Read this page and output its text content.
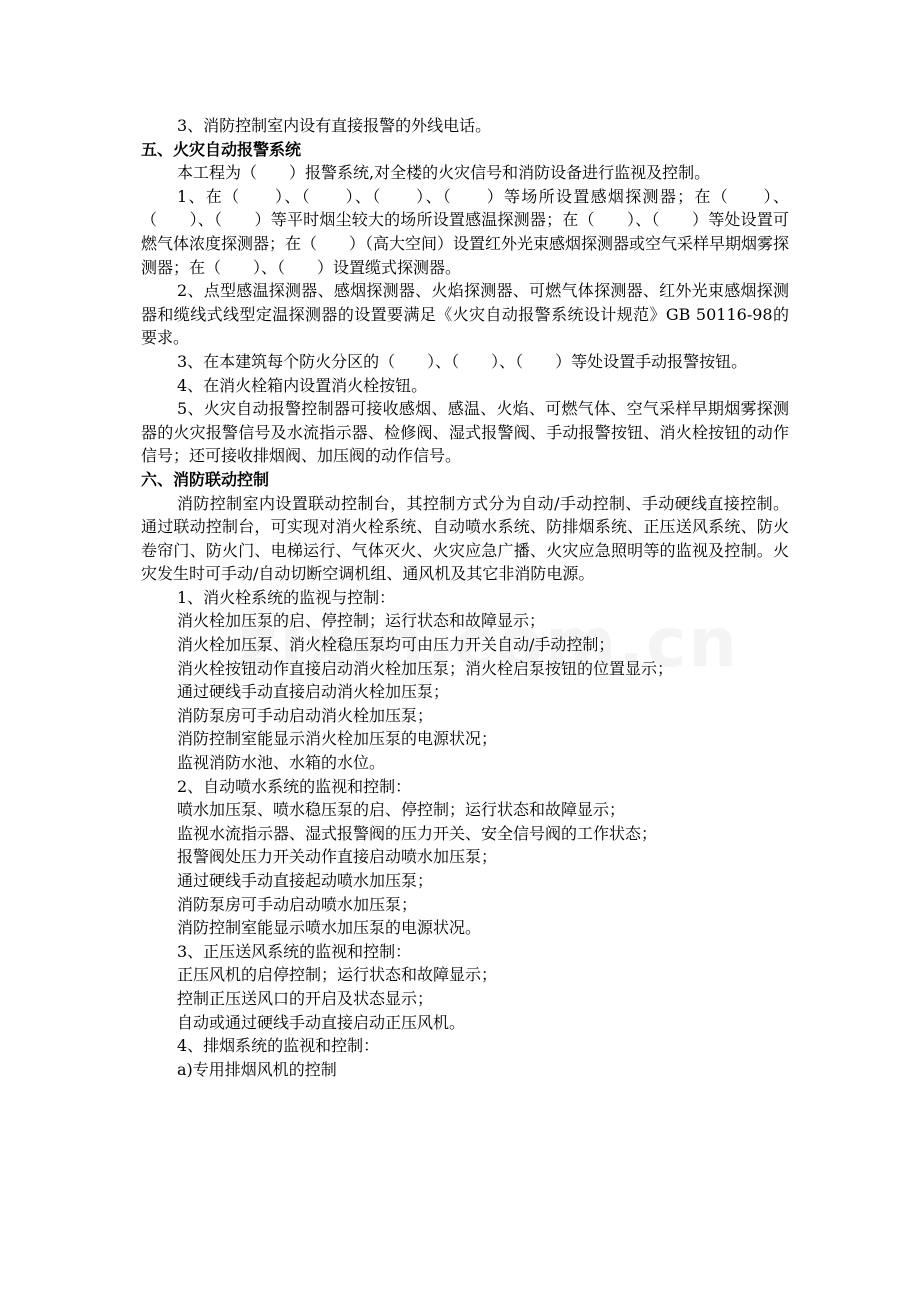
3、消防控制室内设有直接报警的外线电话。

五、火灾自动报警系统

本工程为（　　）报警系统,对全楼的火灾信号和消防设备进行监视及控制。

1、在（　　）、（　　）、（　　）、（　　）等场所设置感烟探测器；在（　　）、（　　）、（　　）等平时烟尘较大的场所设置感温探测器；在（　　）、（　　）等处设置可燃气体浓度探测器；在（　　）（高大空间）设置红外光束感烟探测器或空气采样早期烟雾探测器；在（　　）、（　　）设置缆式探测器。

2、点型感温探测器、感烟探测器、火焰探测器、可燃气体探测器、红外光束感烟探测器和缆线式线型定温探测器的设置要满足《火灾自动报警系统设计规范》GB 50116-98的要求。

3、在本建筑每个防火分区的（　　）、（　　）、（　　）等处设置手动报警按钮。

4、在消火栓箱内设置消火栓按钮。

5、火灾自动报警控制器可接收感烟、感温、火焰、可燃气体、空气采样早期烟雾探测器的火灾报警信号及水流指示器、检修阀、湿式报警阀、手动报警按钮、消火栓按钮的动作信号；还可接收排烟阀、加压阀的动作信号。

六、消防联动控制

消防控制室内设置联动控制台，其控制方式分为自动/手动控制、手动硬线直接控制。通过联动控制台，可实现对消火栓系统、自动喷水系统、防排烟系统、正压送风系统、防火卷帘门、防火门、电梯运行、气体灭火、火灾应急广播、火灾应急照明等的监视及控制。火灾发生时可手动/自动切断空调机组、通风机及其它非消防电源。

1、消火栓系统的监视与控制：

消火栓加压泵的启、停控制；运行状态和故障显示；

消火栓加压泵、消火栓稳压泵均可由压力开关自动/手动控制；

消火栓按钮动作直接启动消火栓加压泵；消火栓启泵按钮的位置显示；

通过硬线手动直接启动消火栓加压泵；

消防泵房可手动启动消火栓加压泵；

消防控制室能显示消火栓加压泵的电源状况；

监视消防水池、水箱的水位。

2、自动喷水系统的监视和控制：

喷水加压泵、喷水稳压泵的启、停控制；运行状态和故障显示；

监视水流指示器、湿式报警阀的压力开关、安全信号阀的工作状态；

报警阀处压力开关动作直接启动喷水加压泵；

通过硬线手动直接起动喷水加压泵；

消防泵房可手动启动喷水加压泵；

消防控制室能显示喷水加压泵的电源状况。

3、正压送风系统的监视和控制：

正压风机的启停控制；运行状态和故障显示；

控制正压送风口的开启及状态显示；

自动或通过硬线手动直接启动正压风机。

4、排烟系统的监视和控制：

a)专用排烟风机的控制
